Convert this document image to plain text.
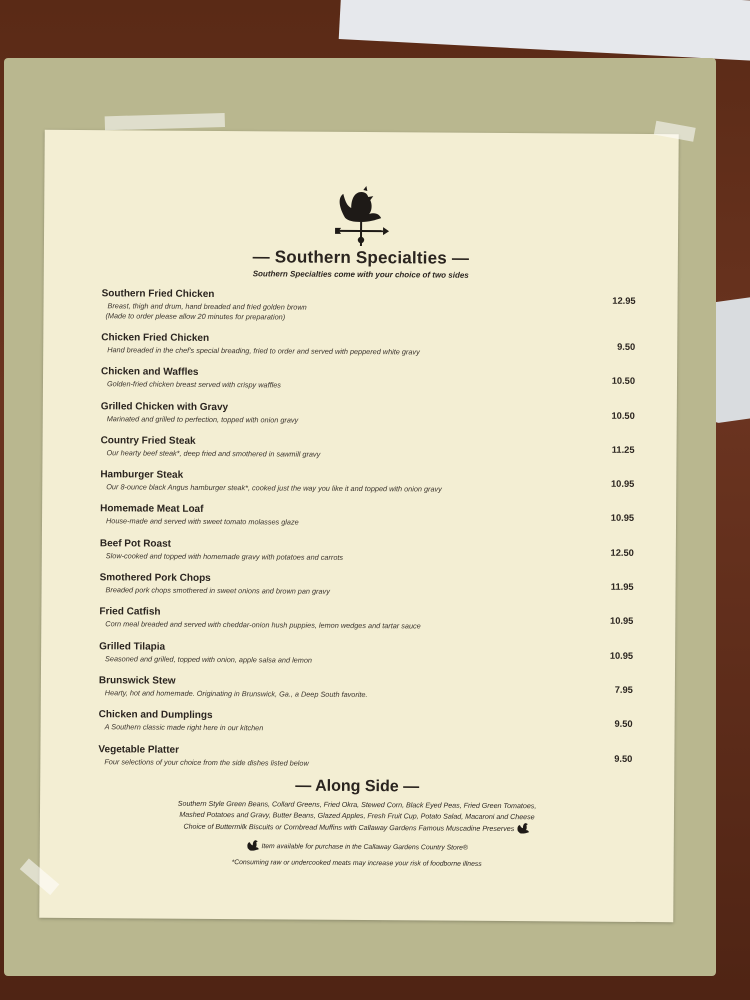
— Southern Specialties —
Southern Specialties come with your choice of two sides
Southern Fried Chicken
Breast, thigh and drum, hand breaded and fried golden brown
(Made to order please allow 20 minutes for preparation)
12.95
Chicken Fried Chicken
Hand breaded in the chef's special breading, fried to order and served with peppered white gravy	9.50
Chicken and Waffles
Golden-fried chicken breast served with crispy waffles	10.50
Grilled Chicken with Gravy
Marinated and grilled to perfection, topped with onion gravy	10.50
Country Fried Steak
Our hearty beef steak*, deep fried and smothered in sawmill gravy	11.25
Hamburger Steak
Our 8-ounce black Angus hamburger steak*, cooked just the way you like it and topped with onion gravy	10.95
Homemade Meat Loaf
House-made and served with sweet tomato molasses glaze	10.95
Beef Pot Roast
Slow-cooked and topped with homemade gravy with potatoes and carrots	12.50
Smothered Pork Chops
Breaded pork chops smothered in sweet onions and brown pan gravy	11.95
Fried Catfish
Corn meal breaded and served with cheddar-onion hush puppies, lemon wedges and tartar sauce	10.95
Grilled Tilapia
Seasoned and grilled, topped with onion, apple salsa and lemon	10.95
Brunswick Stew
Hearty, hot and homemade. Originating in Brunswick, Ga., a Deep South favorite.	7.95
Chicken and Dumplings
A Southern classic made right here in our kitchen	9.50
Vegetable Platter
Four selections of your choice from the side dishes listed below	9.50
— Along Side —
Southern Style Green Beans, Collard Greens, Fried Okra, Stewed Corn, Black Eyed Peas, Fried Green Tomatoes,
Mashed Potatoes and Gravy, Butter Beans, Glazed Apples, Fresh Fruit Cup, Potato Salad, Macaroni and Cheese
Choice of Buttermilk Biscuits or Cornbread Muffins with Callaway Gardens Famous Muscadine Preserves
Item available for purchase in the Callaway Gardens Country Store®
*Consuming raw or undercooked meats may increase your risk of foodborne illness
